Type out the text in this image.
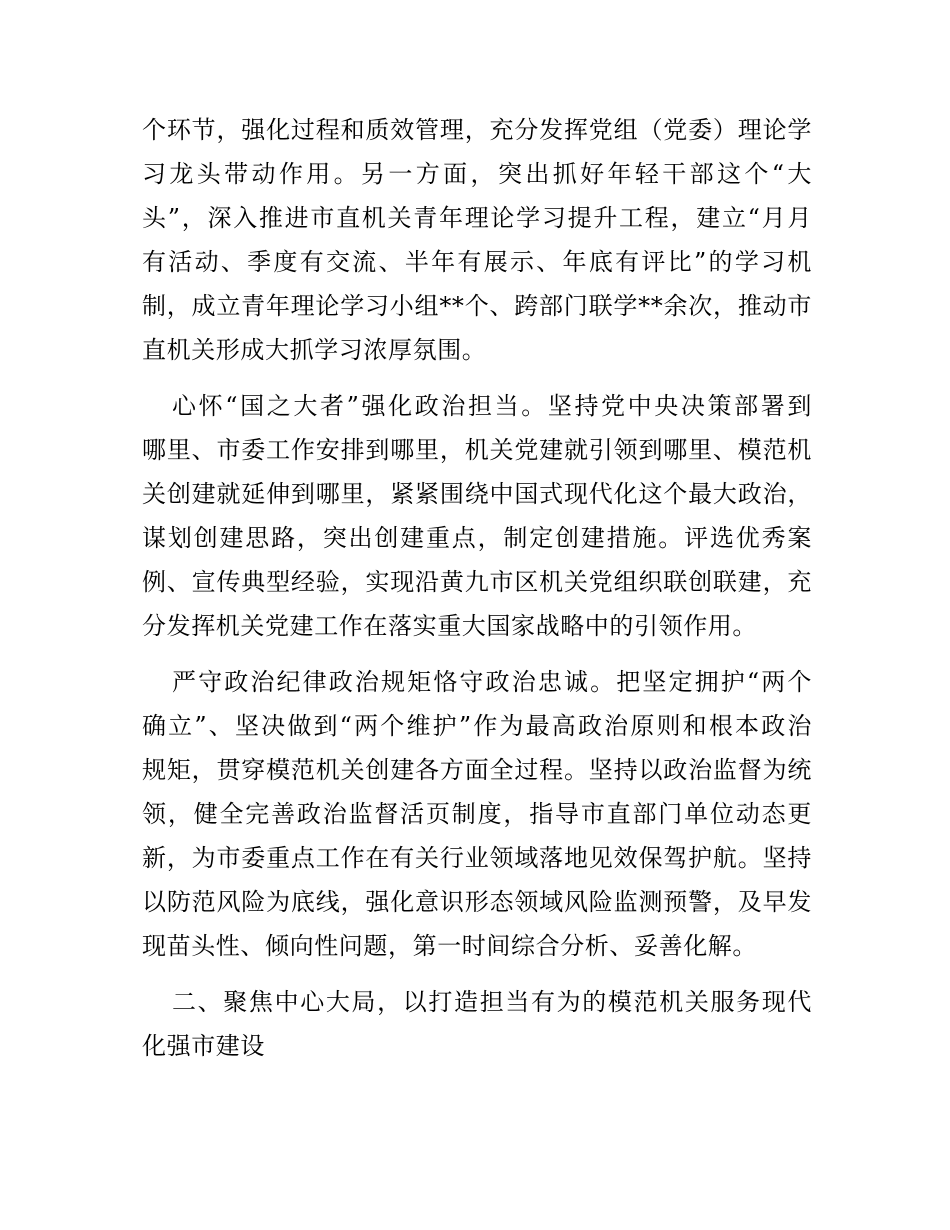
个环节，强化过程和质效管理，充分发挥党组（党委）理论学
习龙头带动作用。另一方面，突出抓好年轻干部这个“大
头”，深入推进市直机关青年理论学习提升工程，建立“月月
有活动、季度有交流、半年有展示、年底有评比”的学习机
制，成立青年理论学习小组**个、跨部门联学**余次，推动市
直机关形成大抓学习浓厚氛围。
心怀“国之大者”强化政治担当。坚持党中央决策部署到
哪里、市委工作安排到哪里，机关党建就引领到哪里、模范机
关创建就延伸到哪里，紧紧围绕中国式现代化这个最大政治，
谋划创建思路，突出创建重点，制定创建措施。评选优秀案
例、宣传典型经验，实现沿黄九市区机关党组织联创联建，充
分发挥机关党建工作在落实重大国家战略中的引领作用。
严守政治纪律政治规矩恪守政治忠诚。把坚定拥护“两个
确立”、坚决做到“两个维护”作为最高政治原则和根本政治
规矩，贯穿模范机关创建各方面全过程。坚持以政治监督为统
领，健全完善政治监督活页制度，指导市直部门单位动态更
新，为市委重点工作在有关行业领域落地见效保驾护航。坚持
以防范风险为底线，强化意识形态领域风险监测预警，及早发
现苗头性、倾向性问题，第一时间综合分析、妥善化解。
二、聚焦中心大局，以打造担当有为的模范机关服务现代
化强市建设
